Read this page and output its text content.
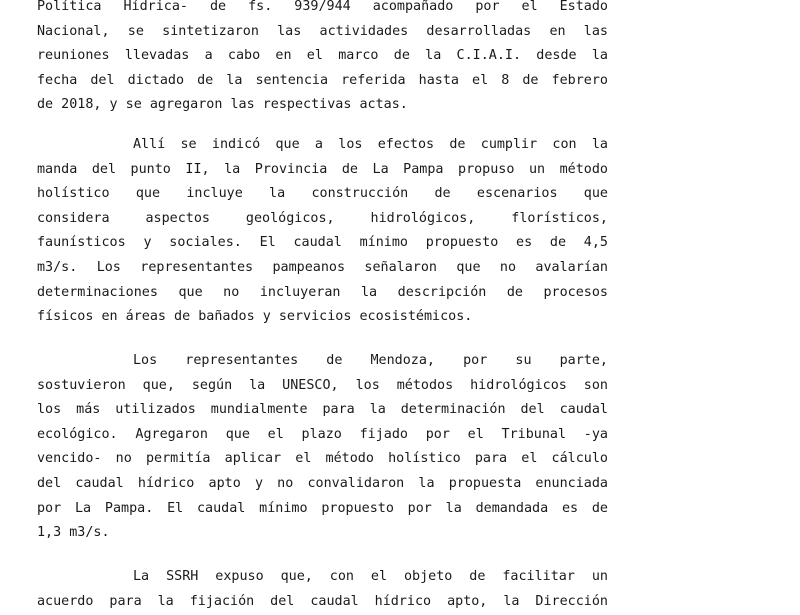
Política Hídrica- de fs. 939/944 acompañado por el Estado
Nacional, se sintetizaron las actividades desarrolladas en las
reuniones llevadas a cabo en el marco de la C.I.A.I. desde la
fecha del dictado de la sentencia referida hasta el 8 de febrero
de 2018, y se agregaron las respectivas actas.
Allí se indicó que a los efectos de cumplir con la
manda del punto II, la Provincia de La Pampa propuso un método
holístico que incluye la construcción de escenarios que
considera aspectos geológicos, hidrológicos, florísticos,
faunísticos y sociales. El caudal mínimo propuesto es de 4,5
m3/s. Los representantes pampeanos señalaron que no avalarían
determinaciones que no incluyeran la descripción de procesos
físicos en áreas de bañados y servicios ecosistémicos.
Los representantes de Mendoza, por su parte,
sostuvieron que, según la UNESCO, los métodos hidrológicos son
los más utilizados mundialmente para la determinación del caudal
ecológico. Agregaron que el plazo fijado por el Tribunal -ya
vencido- no permitía aplicar el método holístico para el cálculo
del caudal hídrico apto y no convalidaron la propuesta enunciada
por La Pampa. El caudal mínimo propuesto por la demandada es de
1,3 m3/s.
La SSRH expuso que, con el objeto de facilitar un
acuerdo para la fijación del caudal hídrico apto, la Dirección
